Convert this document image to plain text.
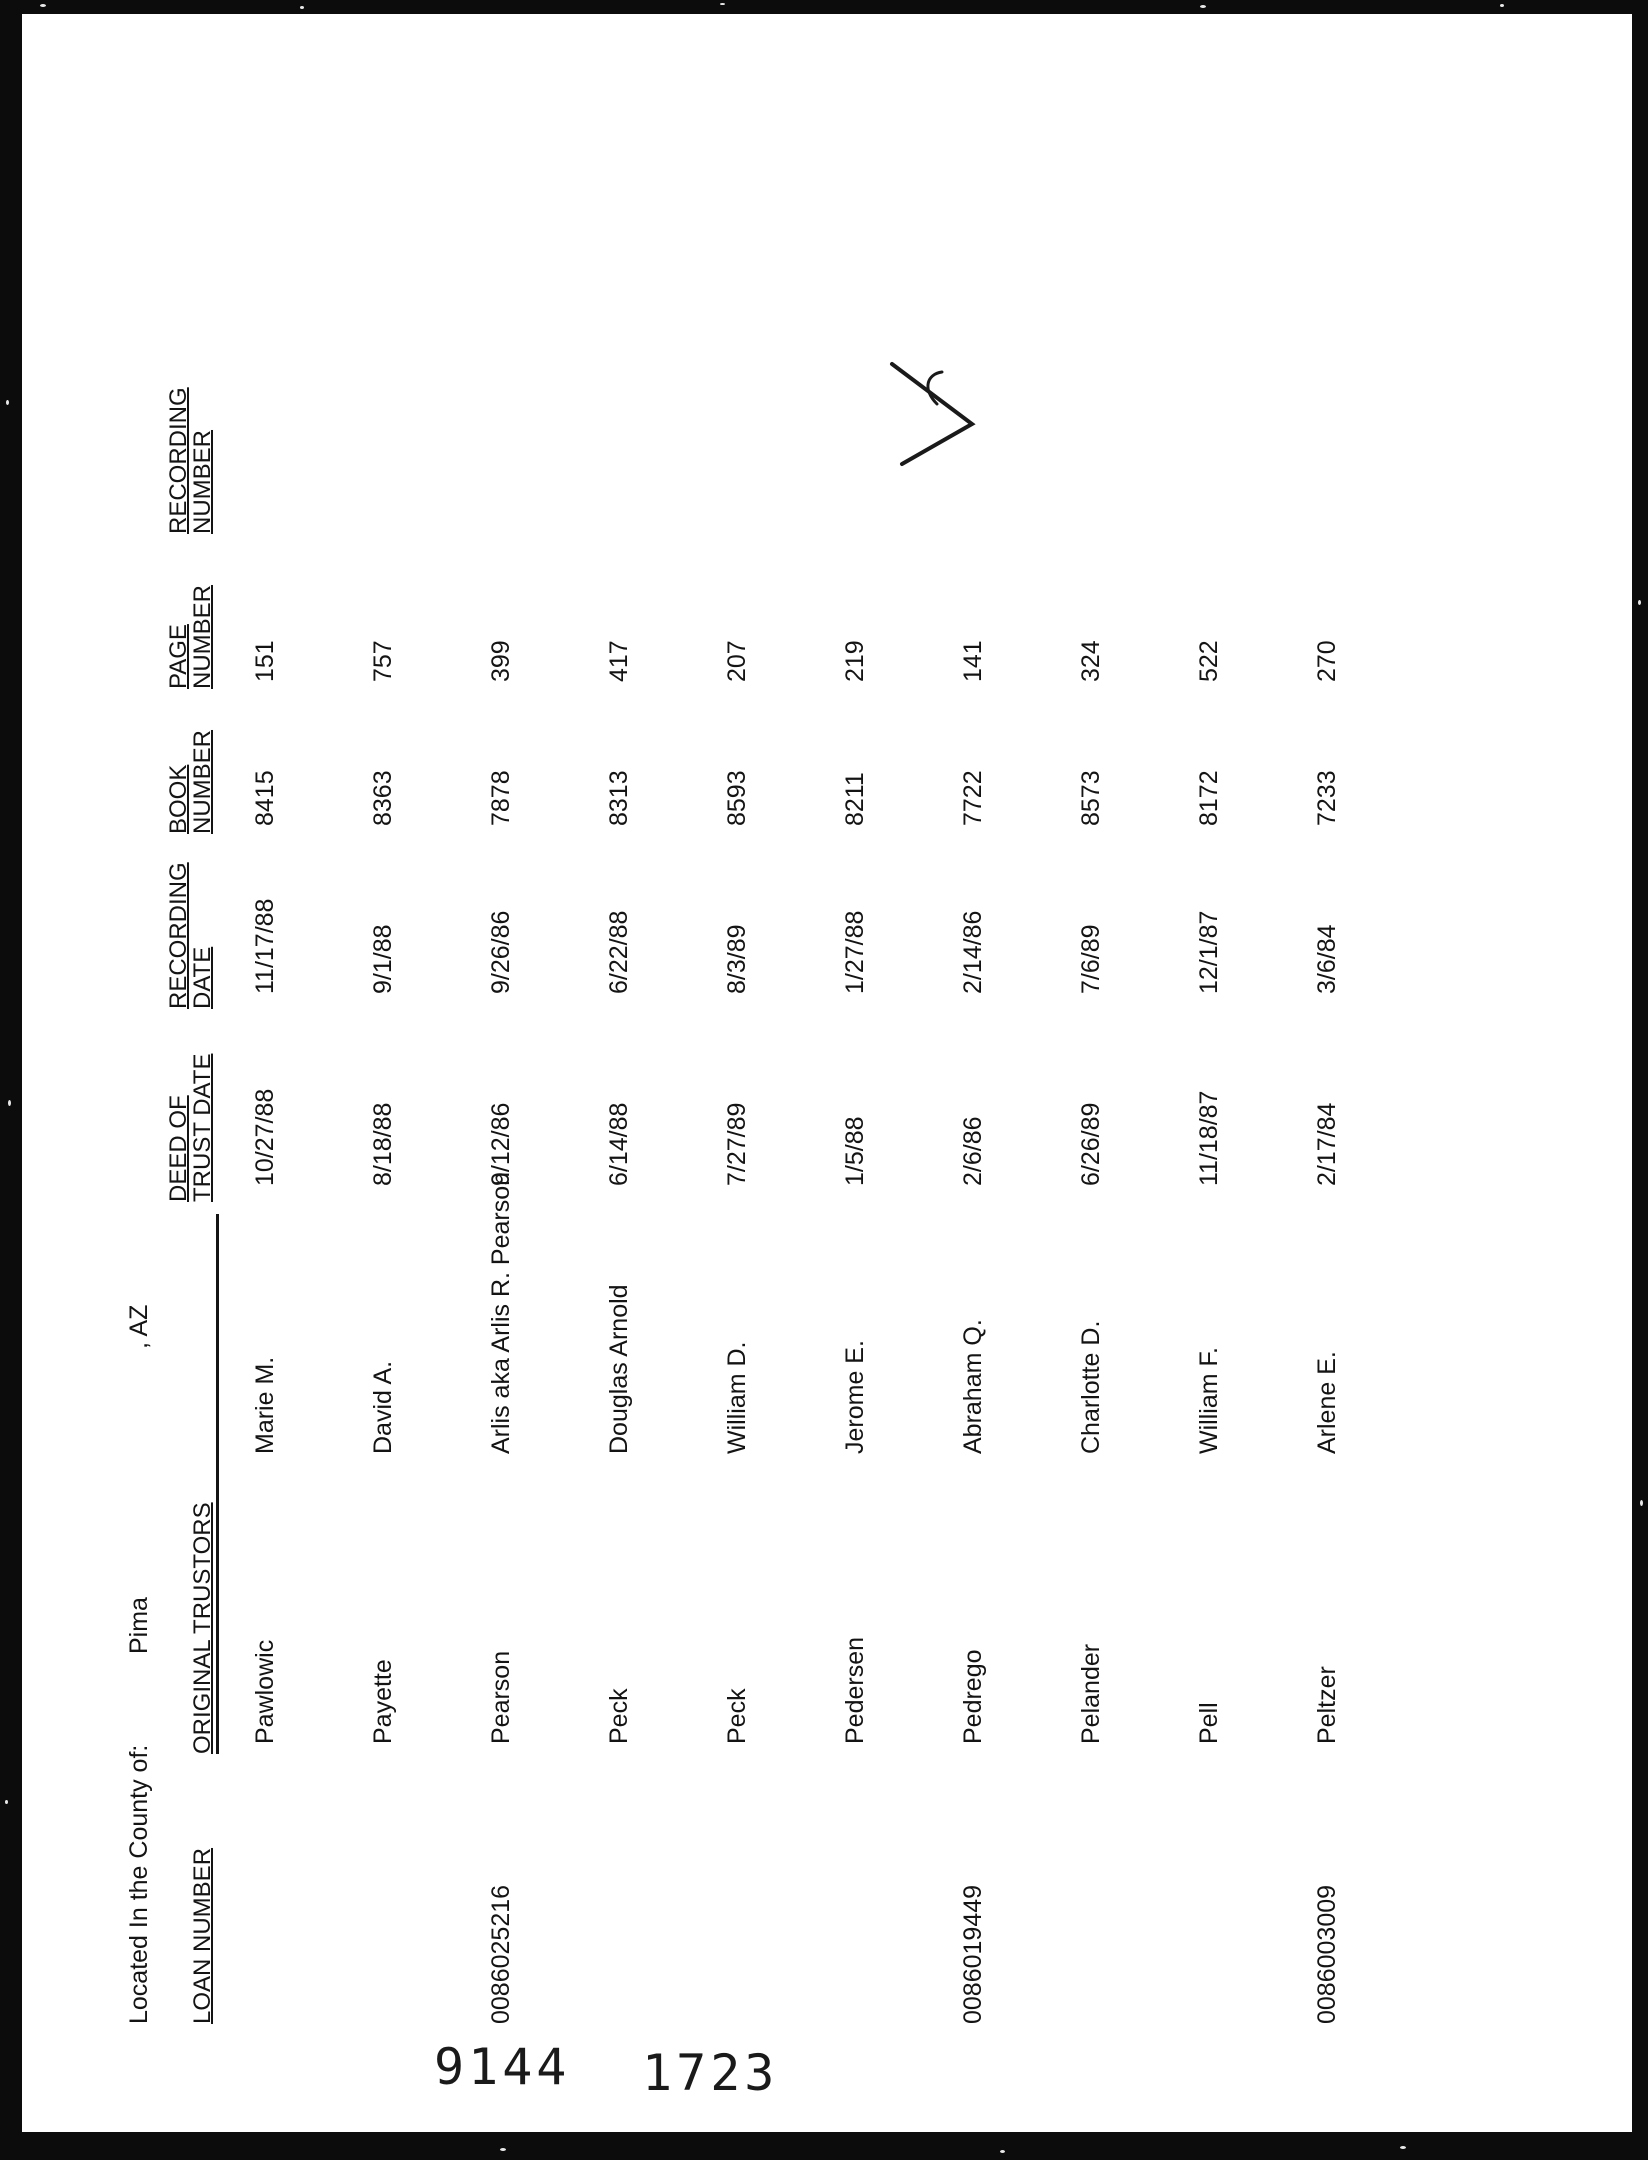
Located In the County of:
Pima
, AZ
LOAN NUMBER
ORIGINAL TRUSTORS
DEED OF
TRUST DATE
RECORDING
DATE
BOOK
NUMBER
PAGE
NUMBER
RECORDING
NUMBER
Pawlowic
Marie M.
10/27/88
11/17/88
8415
151
Payette
David A.
8/18/88
9/1/88
8363
757
0086025216
Pearson
Arlis aka Arlis R. Pearson
9/12/86
9/26/86
7878
399
Peck
Douglas Arnold
6/14/88
6/22/88
8313
417
Peck
William D.
7/27/89
8/3/89
8593
207
Pedersen
Jerome E.
1/5/88
1/27/88
8211
219
0086019449
Pedrego
Abraham Q.
2/6/86
2/14/86
7722
141
Pelander
Charlotte D.
6/26/89
7/6/89
8573
324
Pell
William F.
11/18/87
12/1/87
8172
522
0086003009
Peltzer
Arlene E.
2/17/84
3/6/84
7233
270
9144 1723
